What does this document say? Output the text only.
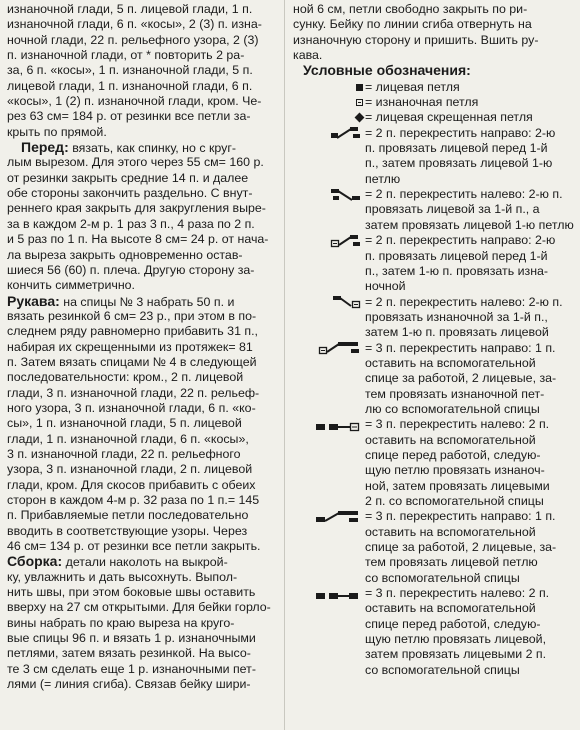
изнаночной глади, 5 п. лицевой глади, 1 п.
изнаночной глади, 6 п. «косы», 2 (3) п. изна-
ночной глади, 22 п. рельефного узора, 2 (3)
п. изнаночной глади, от * повторить 2 ра-
за, 6 п. «косы», 1 п. изнаночной глади, 5 п.
лицевой глади, 1 п. изнаночной глади, 6 п.
«косы», 1 (2) п. изнаночной глади, кром. Че-
рез 63 см= 184 р. от резинки все петли за-
крыть по прямой.
Перед: вязать, как спинку, но с круг-
лым вырезом. Для этого через 55 см= 160 р.
от резинки закрыть средние 14 п. и далее
обе стороны закончить раздельно. С внут-
реннего края закрыть для закругления выре-
за в каждом 2-м р. 1 раз 3 п., 4 раза по 2 п.
и 5 раз по 1 п. На высоте 8 см= 24 р. от нача-
ла выреза закрыть одновременно остав-
шиеся 56 (60) п. плеча. Другую сторону за-
кончить симметрично.
Рукава: на спицы № 3 набрать 50 п. и
вязать резинкой 6 см= 23 р., при этом в по-
следнем ряду равномерно прибавить 31 п.,
набирая их скрещенными из протяжек= 81
п. Затем вязать спицами № 4 в следующей
последовательности: кром., 2 п. лицевой
глади, 3 п. изнаночной глади, 22 п. рельеф-
ного узора, 3 п. изнаночной глади, 6 п. «ко-
сы», 1 п. изнаночной глади, 5 п. лицевой
глади, 1 п. изнаночной глади, 6 п. «косы»,
3 п. изнаночной глади, 22 п. рельефного
узора, 3 п. изнаночной глади, 2 п. лицевой
глади, кром. Для скосов прибавить с обеих
сторон в каждом 4-м р. 32 раза по 1 п.= 145
п. Прибавляемые петли последовательно
вводить в соответствующие узоры. Через
46 см= 134 р. от резинки все петли закрыть.
Сборка: детали наколоть на выкрой-
ку, увлажнить и дать высохнуть. Выпол-
нить швы, при этом боковые швы оставить
вверху на 27 см открытыми. Для бейки горло-
вины набрать по краю выреза на круго-
вые спицы 96 п. и вязать 1 р. изнаночными
петлями, затем вязать резинкой. На высо-
те 3 см сделать еще 1 р. изнаночными пет-
лями (= линия сгиба). Связав бейку шири-
ной 6 см, петли свободно закрыть по ри-
сунку. Бейку по линии сгиба отвернуть на
изнаночную сторону и пришить. Вшить ру-
кава.
Условные обозначения:
= лицевая петля
= изнаночная петля
= лицевая скрещенная петля
= 2 п. перекрестить направо: 2-ю
п. провязать лицевой перед 1-й
п., затем провязать лицевой 1-ю
петлю
= 2 п. перекрестить налево: 2-ю п.
провязать лицевой за 1-й п., а
затем провязать лицевой 1-ю петлю
= 2 п. перекрестить направо: 2-ю
п. провязать лицевой перед 1-й
п., затем 1-ю п. провязать изна-
ночной
= 2 п. перекрестить налево: 2-ю п.
провязать изнаночной за 1-й п.,
затем 1-ю п. провязать лицевой
= 3 п. перекрестить направо: 1 п.
оставить на вспомогательной
спице за работой, 2 лицевые, за-
тем провязать изнаночной пет-
лю со вспомогательной спицы
= 3 п. перекрестить налево: 2 п.
оставить на вспомогательной
спице перед работой, следую-
щую петлю провязать изнаноч-
ной, затем провязать лицевыми
2 п. со вспомогательной спицы
= 3 п. перекрестить направо: 1 п.
оставить на вспомогательной
спице за работой, 2 лицевые, за-
тем провязать лицевой петлю
со вспомогательной спицы
= 3 п. перекрестить налево: 2 п.
оставить на вспомогательной
спице перед работой, следую-
щую петлю провязать лицевой,
затем провязать лицевыми 2 п.
со вспомогательной спицы
